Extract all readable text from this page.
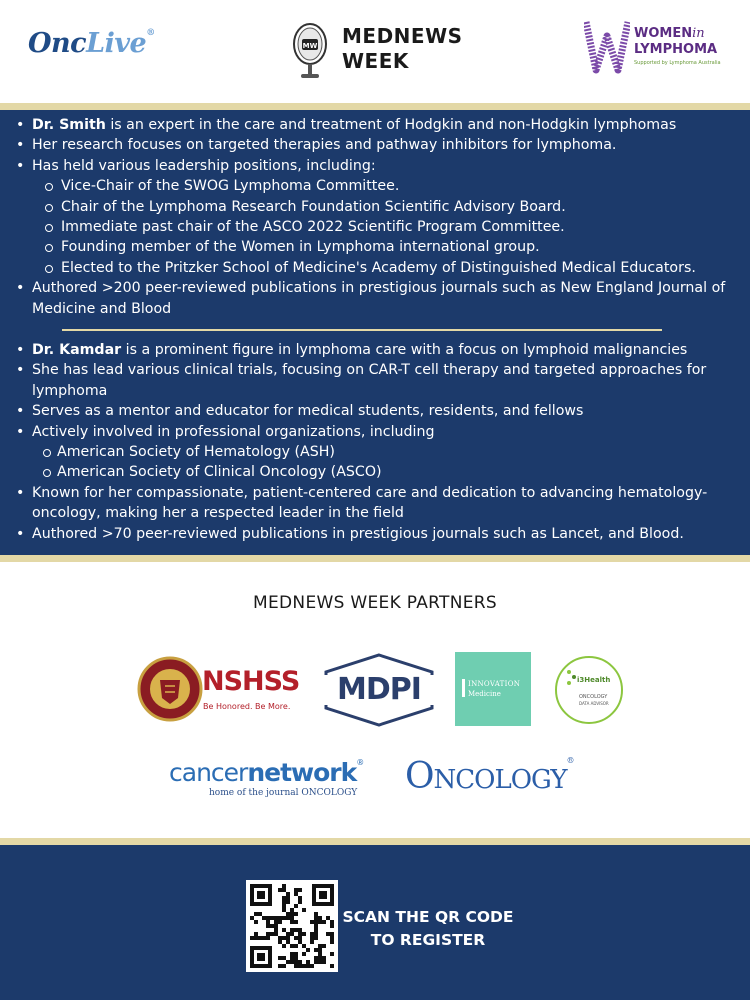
OncLive®
MW MEDNEWS
WEEK
WOMENin
LYMPHOMA
Supported by Lymphoma Australia
• Dr. Smith is an expert in the care and treatment of Hodgkin and non-Hodgkin lymphomas
• Her research focuses on targeted therapies and pathway inhibitors for lymphoma.
• Has held various leadership positions, including:
Vice-Chair of the SWOG Lymphoma Committee.
Chair of the Lymphoma Research Foundation Scientific Advisory Board.
Immediate past chair of the ASCO 2022 Scientific Program Committee.
Founding member of the Women in Lymphoma international group.
Elected to the Pritzker School of Medicine's Academy of Distinguished Medical Educators.
• Authored >200 peer-reviewed publications in prestigious journals such as New England Journal of Medicine and Blood
• Dr. Kamdar is a prominent figure in lymphoma care with a focus on lymphoid malignancies
• She has lead various clinical trials, focusing on CAR-T cell therapy and targeted approaches for lymphoma
• Serves as a mentor and educator for medical students, residents, and fellows
• Actively involved in professional organizations, including
American Society of Hematology (ASH)
American Society of Clinical Oncology (ASCO)
• Known for her compassionate, patient-centered care and dedication to advancing hematology-oncology, making her a respected leader in the field
• Authored >70 peer-reviewed publications in prestigious journals such as Lancet, and Blood.
MEDNEWS WEEK PARTNERS
NSHSS
Be Honored. Be More. MDPI	INNOVATION
Medicine
i3Health
ONCOLOGY
DATA ADVISOR
cancernetwork®
home of the journal ONCOLOGY ONCOLOGY®
SCAN THE QR CODE
TO REGISTER
